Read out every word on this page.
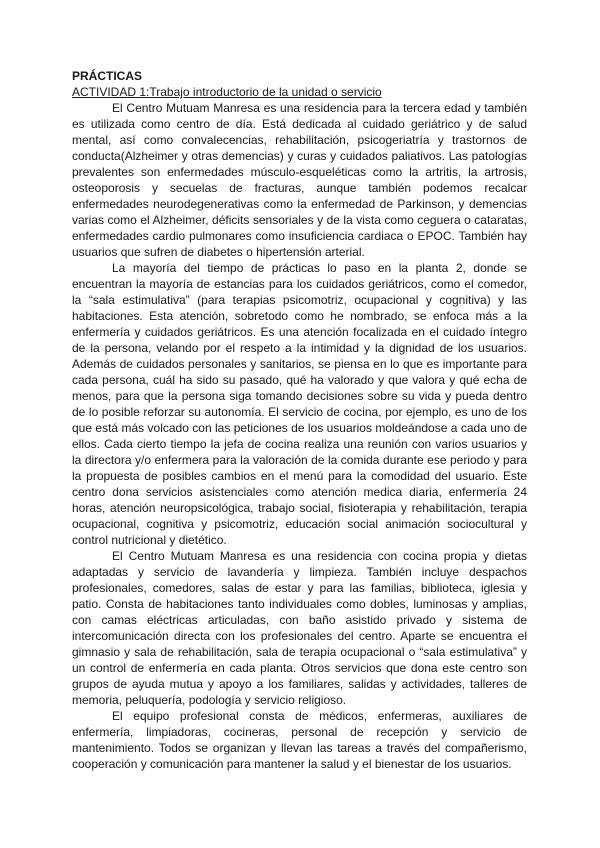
PRÁCTICAS

ACTIVIDAD 1:Trabajo introductorio de la unidad o servicio

El Centro Mutuam Manresa es una residencia para la tercera edad y también es utilizada como centro de día. Está dedicada al cuidado geriátrico y de salud mental, así como convalecencias, rehabilitación, psicogeriatría y trastornos de conducta(Alzheimer y otras demencias) y curas y cuidados paliativos. Las patologías prevalentes son enfermedades músculo-esqueléticas como la artritis, la artrosis, osteoporosis y secuelas de fracturas, aunque también podemos recalcar enfermedades neurodegenerativas como la enfermedad de Parkinson, y demencias varias como el Alzheimer, déficits sensoriales y de la vista como ceguera o cataratas, enfermedades cardio pulmonares como insuficiencia cardiaca o EPOC. También hay usuarios que sufren de diabetes o hipertensión arterial.

La mayoría del tiempo de prácticas lo paso en la planta 2, donde se encuentran la mayoría de estancias para los cuidados geriátricos, como el comedor, la “sala estimulativa” (para terapias psicomotriz, ocupacional y cognitiva) y las habitaciones. Esta atención, sobretodo como he nombrado, se enfoca más a la enfermería y cuidados geriátricos. Es una atención focalizada en el cuidado íntegro de la persona, velando por el respeto a la intimidad y la dignidad de los usuarios. Además de cuidados personales y sanitarios, se piensa en lo que es importante para cada persona, cuál ha sido su pasado, qué ha valorado y que valora y qué echa de menos, para que la persona siga tomando decisiones sobre su vida y pueda dentro de lo posible reforzar su autonomía. El servicio de cocina, por ejemplo, es uno de los que está más volcado con las peticiones de los usuarios moldeándose a cada uno de ellos. Cada cierto tiempo la jefa de cocina realiza una reunión con varios usuarios y la directora y/o enfermera para la valoración de la comida durante ese periodo y para la propuesta de posibles cambios en el menú para la comodidad del usuario. Este centro dona servicios asistenciales como atención medica diaria, enfermería 24 horas, atención neuropsicológica, trabajo social, fisioterapia y rehabilitación, terapia ocupacional, cognitiva y psicomotriz, educación social animación sociocultural y control nutricional y dietético.

El Centro Mutuam Manresa es una residencia con cocina propia y dietas adaptadas y servicio de lavandería y limpieza. También incluye despachos profesionales, comedores, salas de estar y para las familias, biblioteca, iglesia y patio. Consta de habitaciones tanto individuales como dobles, luminosas y amplias, con camas eléctricas articuladas, con baño asistido privado y sistema de intercomunicación directa con los profesionales del centro. Aparte se encuentra el gimnasio y sala de rehabilitación, sala de terapia ocupacional o “sala estimulativa” y un control de enfermería en cada planta. Otros servicios que dona este centro son grupos de ayuda mutua y apoyo a los familiares, salidas y actividades, talleres de memoria, peluquería, podología y servicio religioso.

El equipo profesional consta de médicos, enfermeras, auxiliares de enfermería, limpiadoras, cocineras, personal de recepción y servicio de mantenimiento. Todos se organizan y llevan las tareas a través del compañerismo, cooperación y comunicación para mantener la salud y el bienestar de los usuarios.
